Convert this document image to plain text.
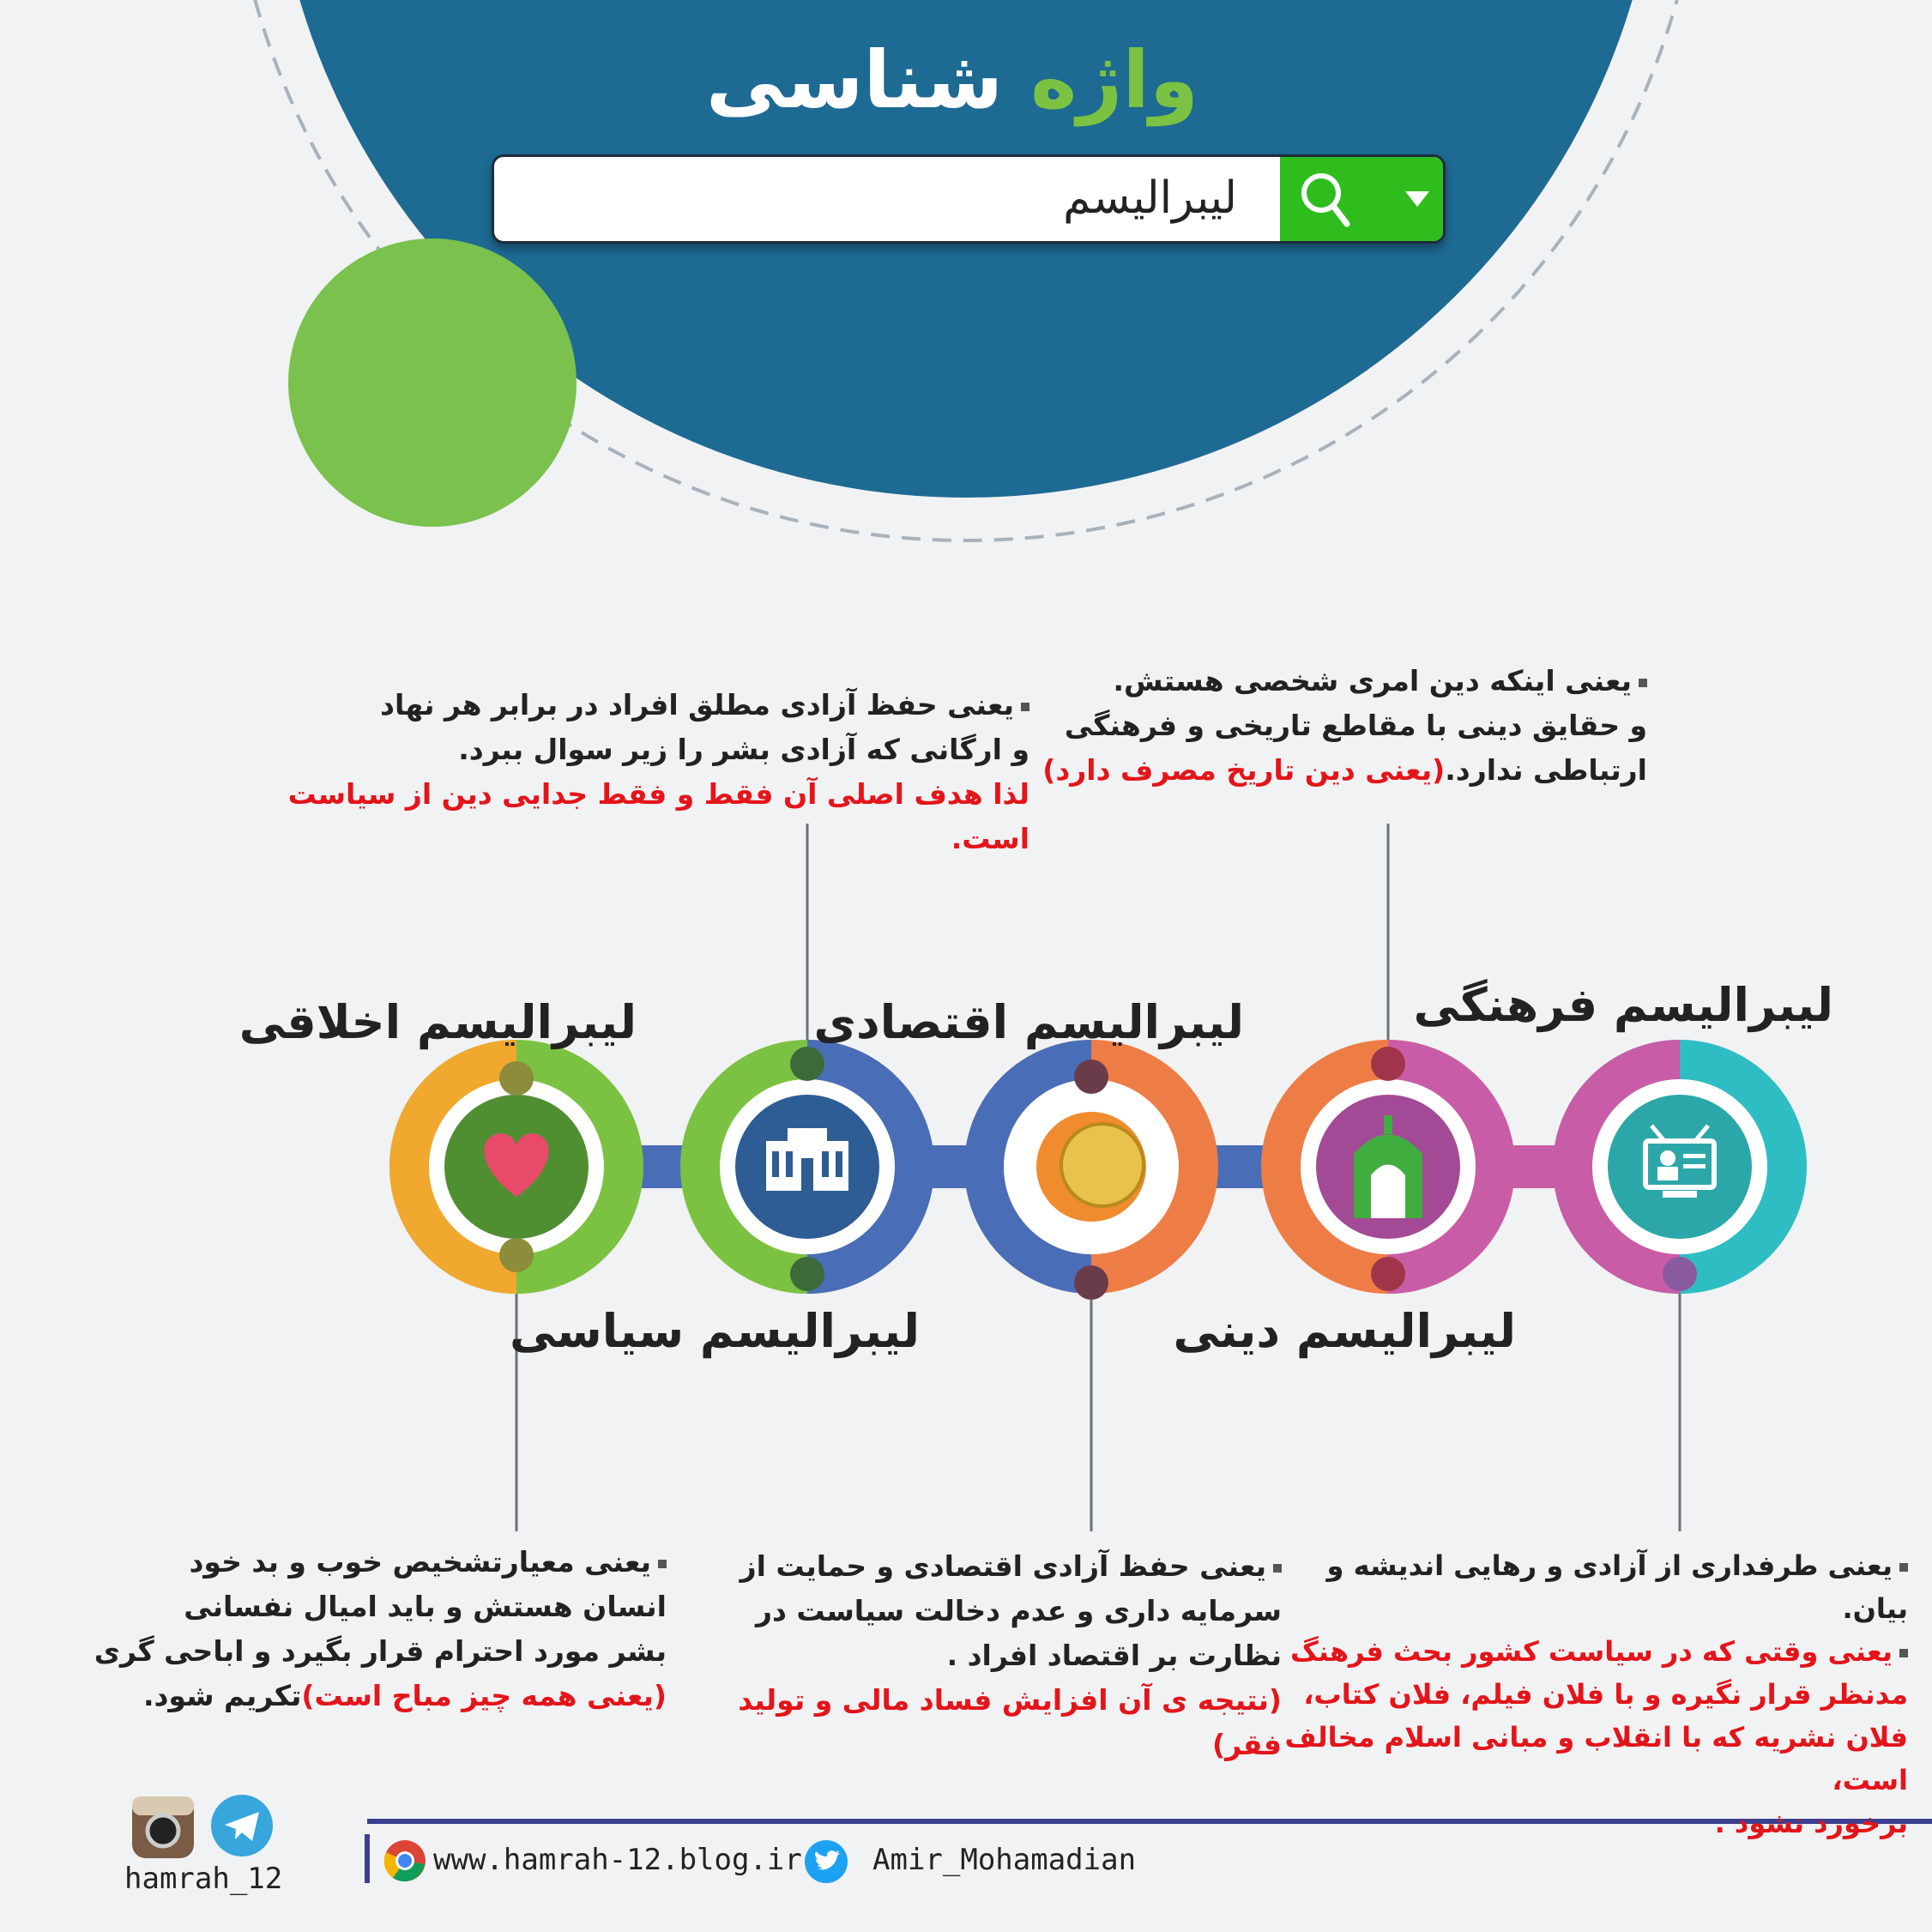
واژه شناسی
لیبرالیسم
لیبرالیسم فرهنگی
لیبرالیسم دینی
لیبرالیسم اقتصادی
لیبرالیسم سیاسی
لیبرالیسم اخلاقی
یعنی اینکه دین امری شخصی هستش.
و حقایق دینی با مقاطع تاریخی و فرهنگی
ارتباطی ندارد.(یعنی دین تاریخ مصرف دارد)
یعنی حفظ آزادی مطلق افراد در برابر هر نهاد
و ارگانی که آزادی بشر را زیر سوال ببرد.
لذا هدف اصلی آن فقط و فقط جدایی دین از سیاست است.
یعنی معیارتشخیص خوب و بد خود
انسان هستش و باید امیال نفسانی
بشر مورد احترام قرار بگیرد و اباحی گری
(یعنی همه چیز مباح است)تکریم شود.
یعنی حفظ آزادی اقتصادی و حمایت از
سرمایه داری و عدم دخالت سیاست در
نظارت بر اقتصاد افراد .
(نتیجه ی آن افزایش فساد مالی و تولید فقر)
یعنی طرفداری از آزادی و رهایی اندیشه و بیان.
یعنی وقتی که در سیاست کشور بحث فرهنگ
مدنظر قرار نگیره و با فلان فیلم، فلان کتاب،
فلان نشریه که با انقلاب و مبانی اسلام مخالف است،
برخورد نشود .
hamrah_12
www.hamrah-12.blog.ir Amir_Mohamadian
